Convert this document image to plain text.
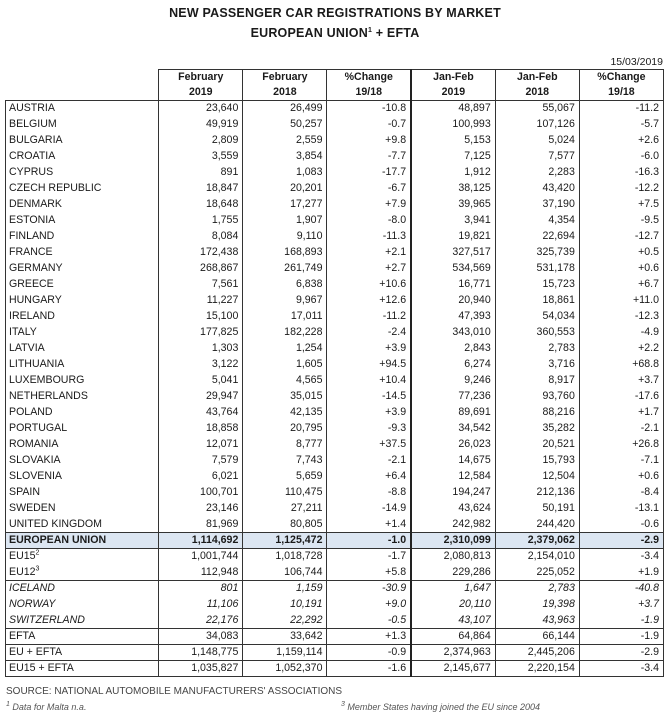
NEW PASSENGER CAR REGISTRATIONS BY MARKET
EUROPEAN $UNION^1$ + EFTA
15/03/2019
	February	February	%Change	Jan-Feb	Jan-Feb	%Change
	2019	2018	19/18	2019	2018	19/18
AUSTRIA	23,640	26,499	-10.8	48,897	55,067	-11.2
BELGIUM	49,919	50,257	-0.7	100,993	107,126	-5.7
BULGARIA	2,809	2,559	+9.8	5,153	5,024	+2.6
CROATIA	3,559	3,854	-7.7	7,125	7,577	-6.0
CYPRUS	891	1,083	-17.7	1,912	2,283	-16.3
CZECH REPUBLIC	18,847	20,201	-6.7	38,125	43,420	-12.2
DENMARK	18,648	17,277	+7.9	39,965	37,190	+7.5
ESTONIA	1,755	1,907	-8.0	3,941	4,354	-9.5
FINLAND	8,084	9,110	-11.3	19,821	22,694	-12.7
FRANCE	172,438	168,893	+2.1	327,517	325,739	+0.5
GERMANY	268,867	261,749	+2.7	534,569	531,178	+0.6
GREECE	7,561	6,838	+10.6	16,771	15,723	+6.7
HUNGARY	11,227	9,967	+12.6	20,940	18,861	+11.0
IRELAND	15,100	17,011	-11.2	47,393	54,034	-12.3
ITALY	177,825	182,228	-2.4	343,010	360,553	-4.9
LATVIA	1,303	1,254	+3.9	2,843	2,783	+2.2
LITHUANIA	3,122	1,605	+94.5	6,274	3,716	+68.8
LUXEMBOURG	5,041	4,565	+10.4	9,246	8,917	+3.7
NETHERLANDS	29,947	35,015	-14.5	77,236	93,760	-17.6
POLAND	43,764	42,135	+3.9	89,691	88,216	+1.7
PORTUGAL	18,858	20,795	-9.3	34,542	35,282	-2.1
ROMANIA	12,071	8,777	+37.5	26,023	20,521	+26.8
SLOVAKIA	7,579	7,743	-2.1	14,675	15,793	-7.1
SLOVENIA	6,021	5,659	+6.4	12,584	12,504	+0.6
SPAIN	100,701	110,475	-8.8	194,247	212,136	-8.4
SWEDEN	23,146	27,211	-14.9	43,624	50,191	-13.1
UNITED KINGDOM	81,969	80,805	+1.4	242,982	244,420	-0.6
EUROPEAN UNION	1,114,692	1,125,472	-1.0	2,310,099	2,379,062	-2.9
$EU15^2$	1,001,744	1,018,728	-1.7	2,080,813	2,154,010	-3.4
$EU12^3$	112,948	106,744	+5.8	229,286	225,052	+1.9
ICELAND	801	1,159	-30.9	1,647	2,783	-40.8
NORWAY	11,106	10,191	+9.0	20,110	19,398	+3.7
SWITZERLAND	22,176	22,292	-0.5	43,107	43,963	-1.9
EFTA	34,083	33,642	+1.3	64,864	66,144	-1.9
EU + EFTA	1,148,775	1,159,114	-0.9	2,374,963	2,445,206	-2.9
EU15 + EFTA	1,035,827	1,052,370	-1.6	2,145,677	2,220,154	-3.4
SOURCE: NATIONAL AUTOMOBILE MANUFACTURERS' ASSOCIATIONS
$^1$ Data for Malta n.a.	$^3$ Member States having joined the EU since 2004
